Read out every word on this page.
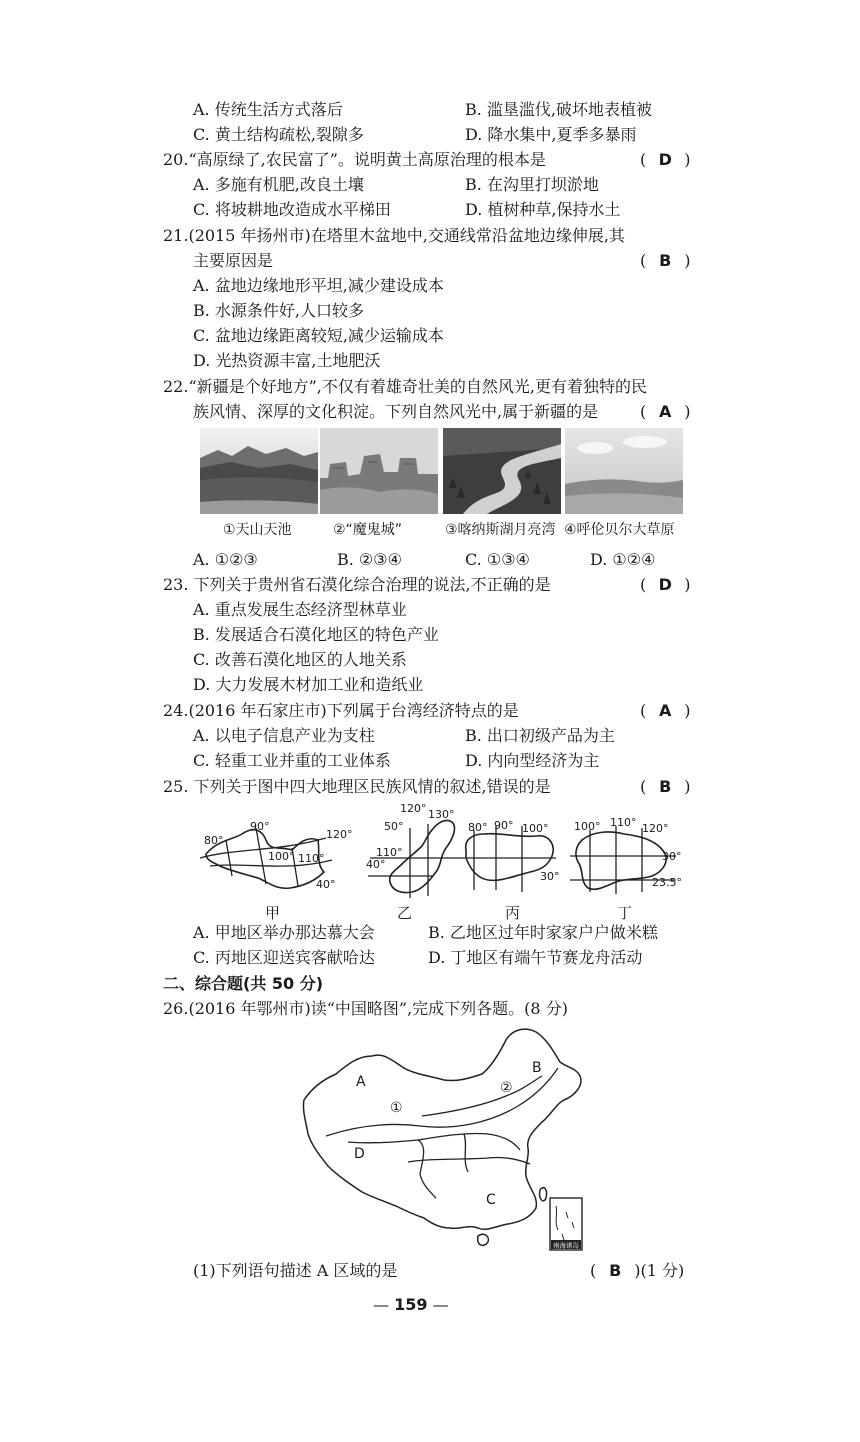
A. 传统生活方式落后	B. 滥垦滥伐,破坏地表植被
C. 黄土结构疏松,裂隙多	D. 降水集中,夏季多暴雨
20.“高原绿了,农民富了”。说明黄土高原治理的根本是	( D )
A. 多施有机肥,改良土壤	B. 在沟里打坝淤地
C. 将坡耕地改造成水平梯田	D. 植树种草,保持水土
21.(2015 年扬州市)在塔里木盆地中,交通线常沿盆地边缘伸展,其
主要原因是	( B )
A. 盆地边缘地形平坦,减少建设成本
B. 水源条件好,人口较多
C. 盆地边缘距离较短,减少运输成本
D. 光热资源丰富,土地肥沃
22.“新疆是个好地方”,不仅有着雄奇壮美的自然风光,更有着独特的民
族风情、深厚的文化积淀。下列自然风光中,属于新疆的是	( A )
①天山天池	②“魔鬼城”	③喀纳斯湖月亮湾 ④呼伦贝尔大草原
A. ①②③	B. ②③④	C. ①③④	D. ①②④
23. 下列关于贵州省石漠化综合治理的说法,不正确的是	( D )
A. 重点发展生态经济型林草业
B. 发展适合石漠化地区的特色产业
C. 改善石漠化地区的人地关系
D. 大力发展木材加工业和造纸业
24.(2016 年石家庄市)下列属于台湾经济特点的是	( A )
A. 以电子信息产业为支柱	B. 出口初级产品为主
C. 轻重工业并重的工业体系	D. 内向型经济为主
25. 下列关于图中四大地理区民族风情的叙述,错误的是	( B )
80°
90°
100° 110°
120°
40°
120° 130°
50°
110°
40°
80° 90° 100°
30°
100° 110° 120°
30°
23.5°
甲	乙	丙	丁
A. 甲地区举办那达慕大会	B. 乙地区过年时家家户户做米糕
C. 丙地区迎送宾客献哈达	D. 丁地区有端午节赛龙舟活动
二、综合题(共 50 分)
26.(2016 年鄂州市)读“中国略图”,完成下列各题。(8 分)
南海诸岛
A
B
C
D
①
②
(1)下列语句描述 A 区域的是	( B )(1 分)
— 159 —
